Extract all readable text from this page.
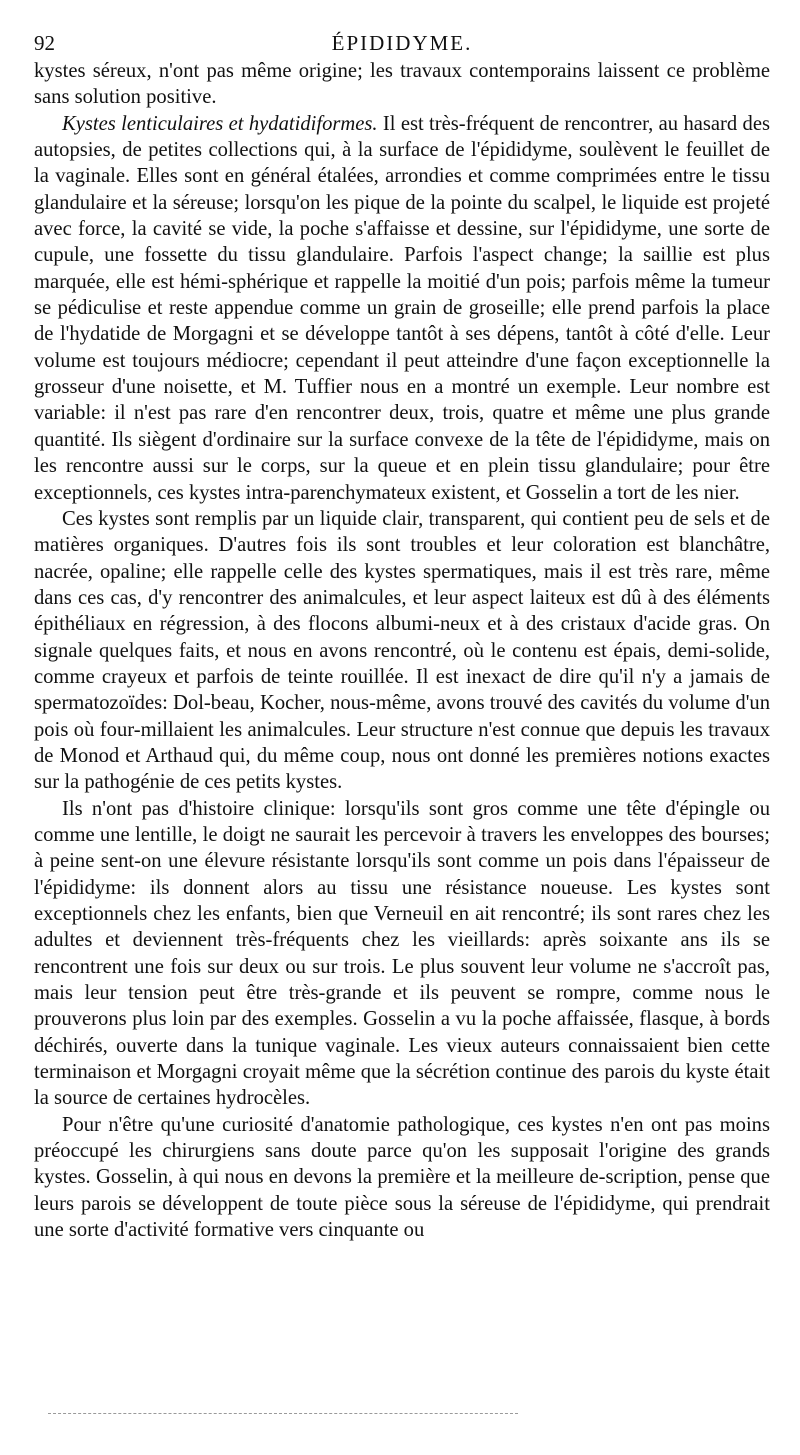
92	ÉPIDIDYME.

kystes séreux, n'ont pas même origine; les travaux contemporains laissent ce problème sans solution positive.

Kystes lenticulaires et hydatidiformes. Il est très-fréquent de rencontrer, au hasard des autopsies, de petites collections qui, à la surface de l'épididyme, soulèvent le feuillet de la vaginale. Elles sont en général étalées, arrondies et comme comprimées entre le tissu glandulaire et la séreuse; lorsqu'on les pique de la pointe du scalpel, le liquide est projeté avec force, la cavité se vide, la poche s'affaisse et dessine, sur l'épididyme, une sorte de cupule, une fossette du tissu glandulaire. Parfois l'aspect change; la saillie est plus marquée, elle est hémi-sphérique et rappelle la moitié d'un pois; parfois même la tumeur se pédiculise et reste appendue comme un grain de groseille; elle prend parfois la place de l'hydatide de Morgagni et se développe tantôt à ses dépens, tantôt à côté d'elle. Leur volume est toujours médiocre; cependant il peut atteindre d'une façon exceptionnelle la grosseur d'une noisette, et M. Tuffier nous en a montré un exemple. Leur nombre est variable: il n'est pas rare d'en rencontrer deux, trois, quatre et même une plus grande quantité. Ils siègent d'ordinaire sur la surface convexe de la tête de l'épididyme, mais on les rencontre aussi sur le corps, sur la queue et en plein tissu glandulaire; pour être exceptionnels, ces kystes intra-parenchymateux existent, et Gosselin a tort de les nier.

Ces kystes sont remplis par un liquide clair, transparent, qui contient peu de sels et de matières organiques. D'autres fois ils sont troubles et leur coloration est blanchâtre, nacrée, opaline; elle rappelle celle des kystes spermatiques, mais il est très rare, même dans ces cas, d'y rencontrer des animalcules, et leur aspect laiteux est dû à des éléments épithéliaux en régression, à des flocons albumi-neux et à des cristaux d'acide gras. On signale quelques faits, et nous en avons rencontré, où le contenu est épais, demi-solide, comme crayeux et parfois de teinte rouillée. Il est inexact de dire qu'il n'y a jamais de spermatozoïdes: Dol-beau, Kocher, nous-même, avons trouvé des cavités du volume d'un pois où four-millaient les animalcules. Leur structure n'est connue que depuis les travaux de Monod et Arthaud qui, du même coup, nous ont donné les premières notions exactes sur la pathogénie de ces petits kystes.

Ils n'ont pas d'histoire clinique: lorsqu'ils sont gros comme une tête d'épingle ou comme une lentille, le doigt ne saurait les percevoir à travers les enveloppes des bourses; à peine sent-on une élevure résistante lorsqu'ils sont comme un pois dans l'épaisseur de l'épididyme: ils donnent alors au tissu une résistance noueuse. Les kystes sont exceptionnels chez les enfants, bien que Verneuil en ait rencontré; ils sont rares chez les adultes et deviennent très-fréquents chez les vieillards: après soixante ans ils se rencontrent une fois sur deux ou sur trois. Le plus souvent leur volume ne s'accroît pas, mais leur tension peut être très-grande et ils peuvent se rompre, comme nous le prouverons plus loin par des exemples. Gosselin a vu la poche affaissée, flasque, à bords déchirés, ouverte dans la tunique vaginale. Les vieux auteurs connaissaient bien cette terminaison et Morgagni croyait même que la sécrétion continue des parois du kyste était la source de certaines hydrocèles.

Pour n'être qu'une curiosité d'anatomie pathologique, ces kystes n'en ont pas moins préoccupé les chirurgiens sans doute parce qu'on les supposait l'origine des grands kystes. Gosselin, à qui nous en devons la première et la meilleure de-scription, pense que leurs parois se développent de toute pièce sous la séreuse de l'épididyme, qui prendrait une sorte d'activité formative vers cinquante ou
